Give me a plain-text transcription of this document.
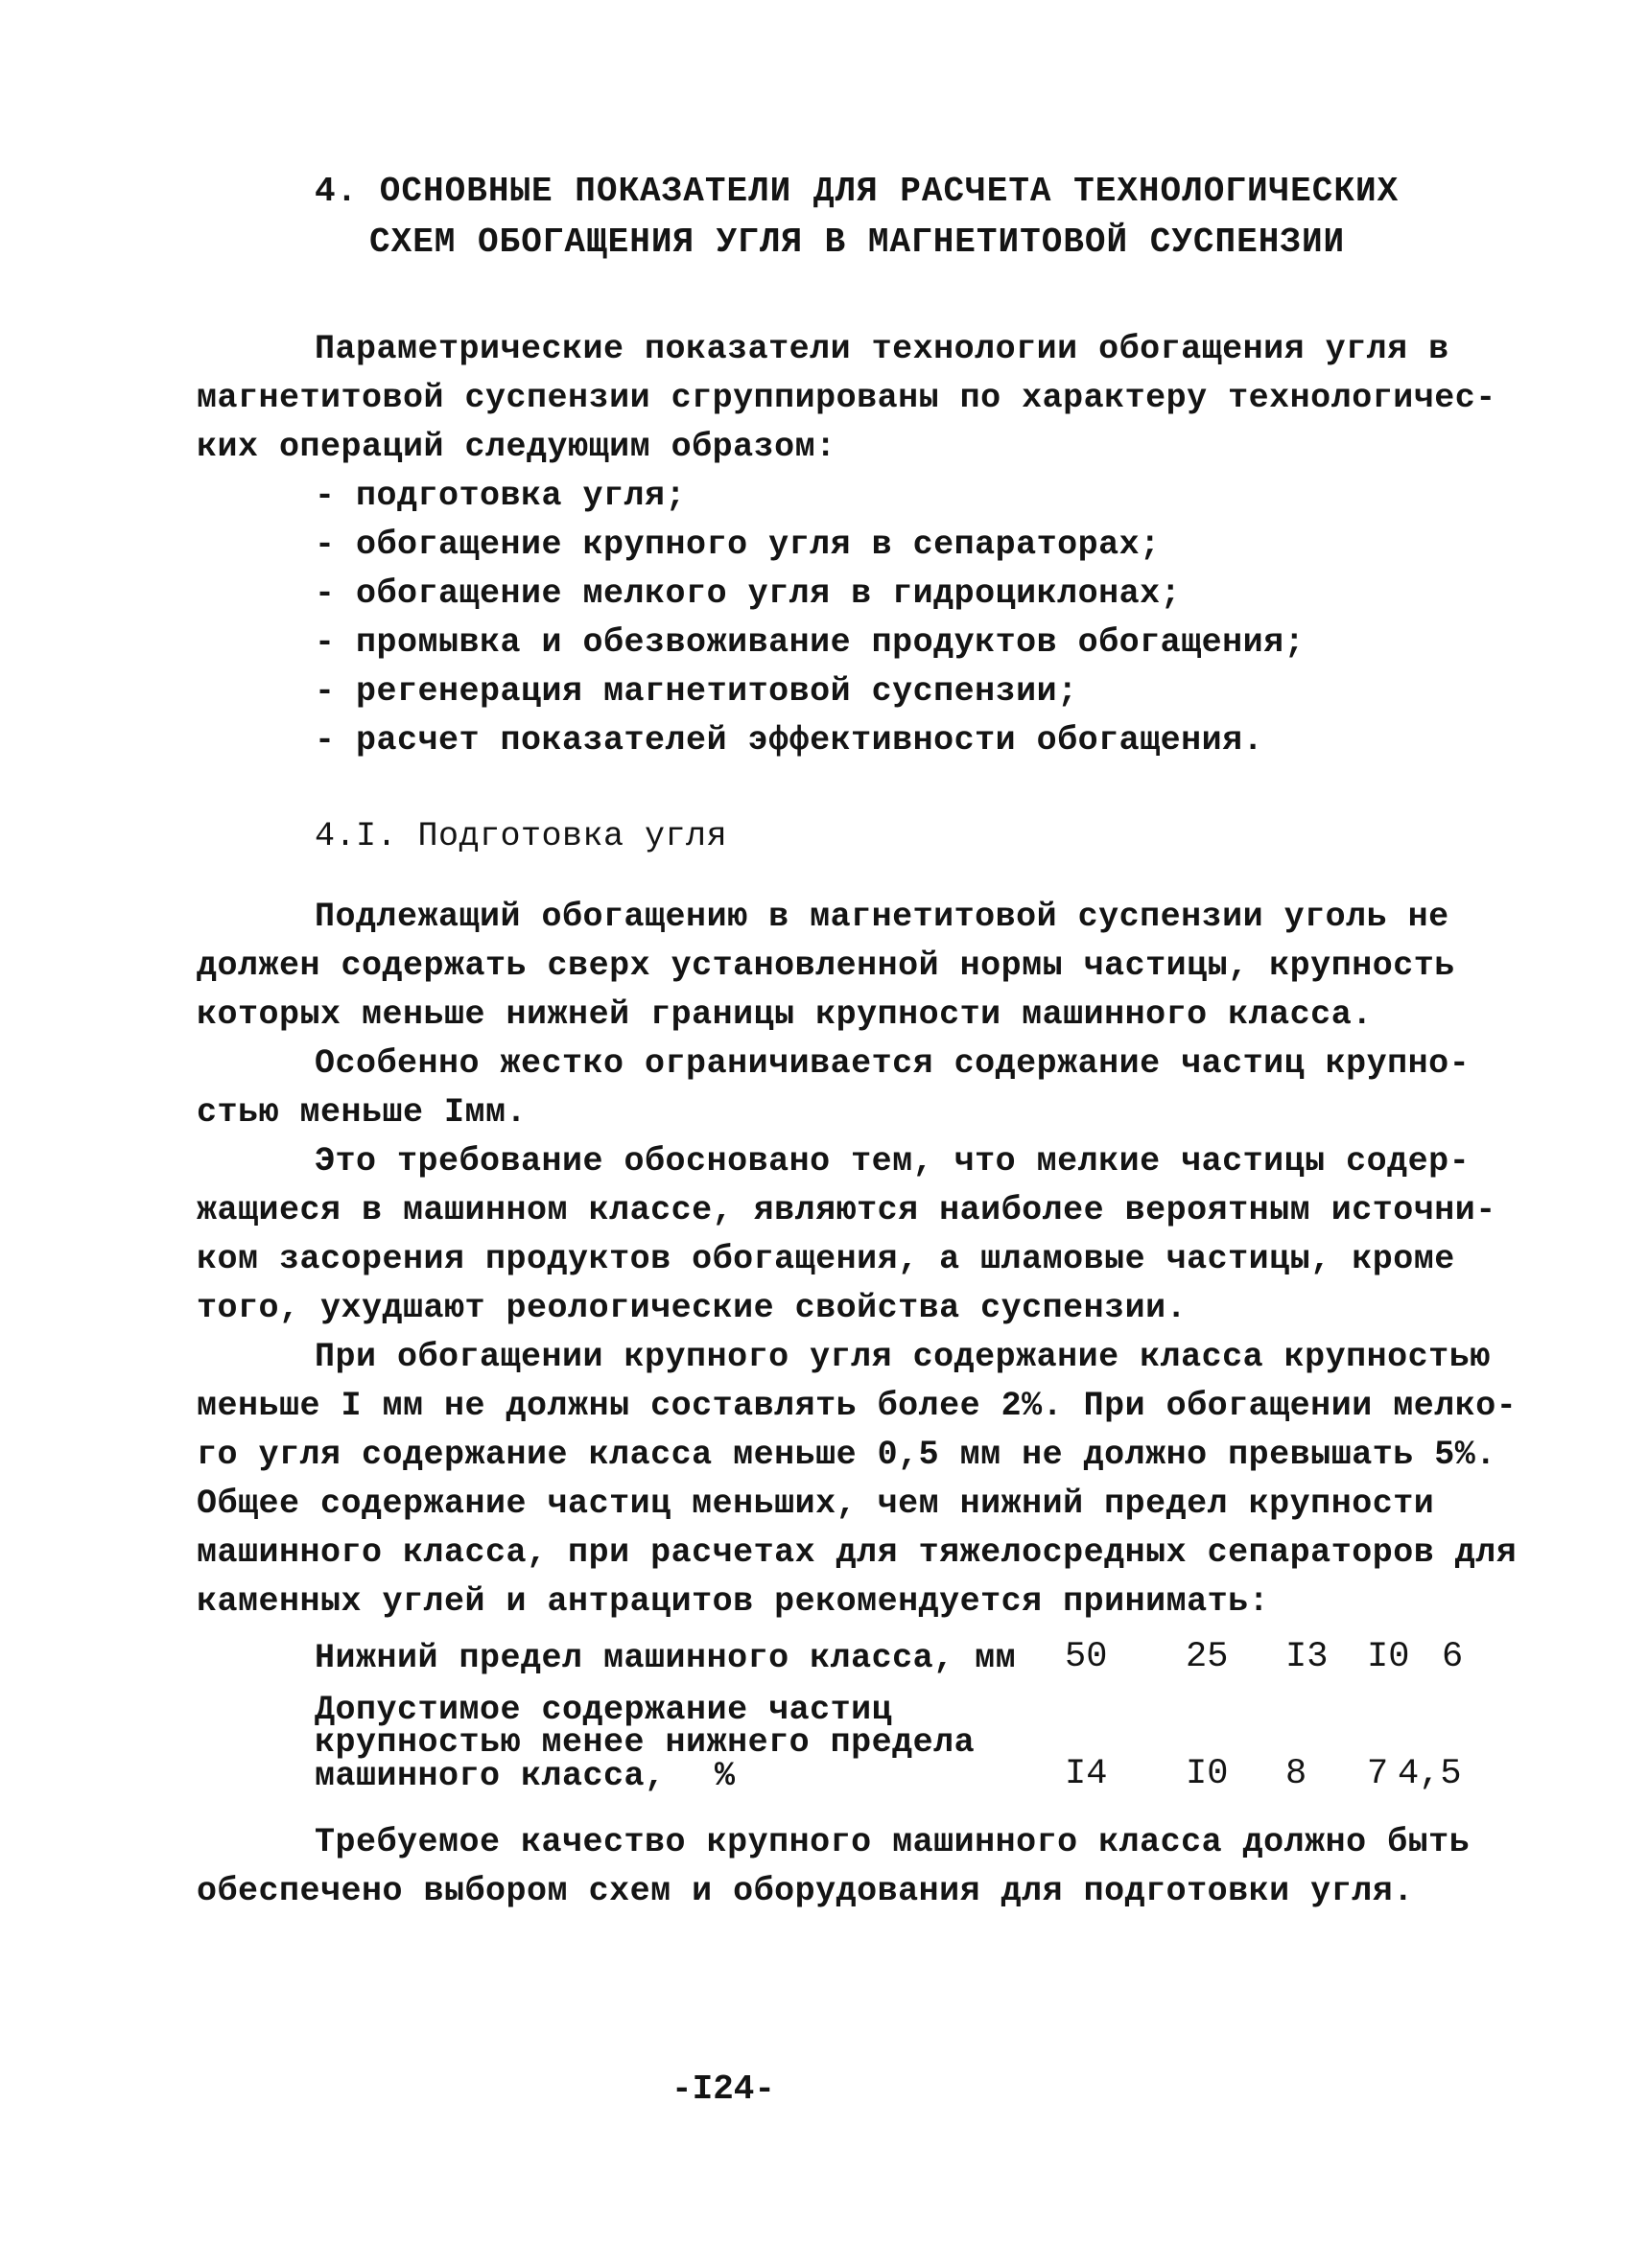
4. ОСНОВНЫЕ ПОКАЗАТЕЛИ ДЛЯ РАСЧЕТА ТЕХНОЛОГИЧЕСКИХ
СХЕМ ОБОГАЩЕНИЯ УГЛЯ В МАГНЕТИТОВОЙ СУСПЕНЗИИ
Параметрические показатели технологии обогащения угля в
магнетитовой суспензии сгруппированы по характеру технологичес-
ких операций следующим образом:
- подготовка угля;
- обогащение крупного угля в сепараторах;
- обогащение мелкого угля в гидроциклонах;
- промывка и обезвоживание продуктов обогащения;
- регенерация магнетитовой суспензии;
- расчет показателей эффективности обогащения.
4.I. Подготовка угля
Подлежащий обогащению в магнетитовой суспензии уголь не
должен содержать сверх установленной нормы частицы, крупность
которых меньше нижней границы крупности машинного класса.
Особенно жестко ограничивается содержание частиц крупно-
стью меньше Iмм.
Это требование обосновано тем, что мелкие частицы содер-
жащиеся в машинном классе, являются наиболее вероятным источни-
ком засорения продуктов обогащения, а шламовые частицы, кроме
того, ухудшают реологические свойства суспензии.
При обогащении крупного угля содержание класса крупностью
меньше I мм не должны составлять более 2%. При обогащении мелко-
го угля содержание класса меньше 0,5 мм не должно превышать 5%.
Общее содержание частиц меньших, чем нижний предел крупности
машинного класса, при расчетах для тяжелосредных сепараторов для
каменных углей и антрацитов рекомендуется принимать:
Нижний предел машинного класса, мм 50 25 I3 I0 6
Допустимое содержание частиц
крупностью менее нижнего предела
машинного класса, %	I4 I0 8 7 4,5
Требуемое качество крупного машинного класса должно быть
обеспечено выбором схем и оборудования для подготовки угля.
-I24-
